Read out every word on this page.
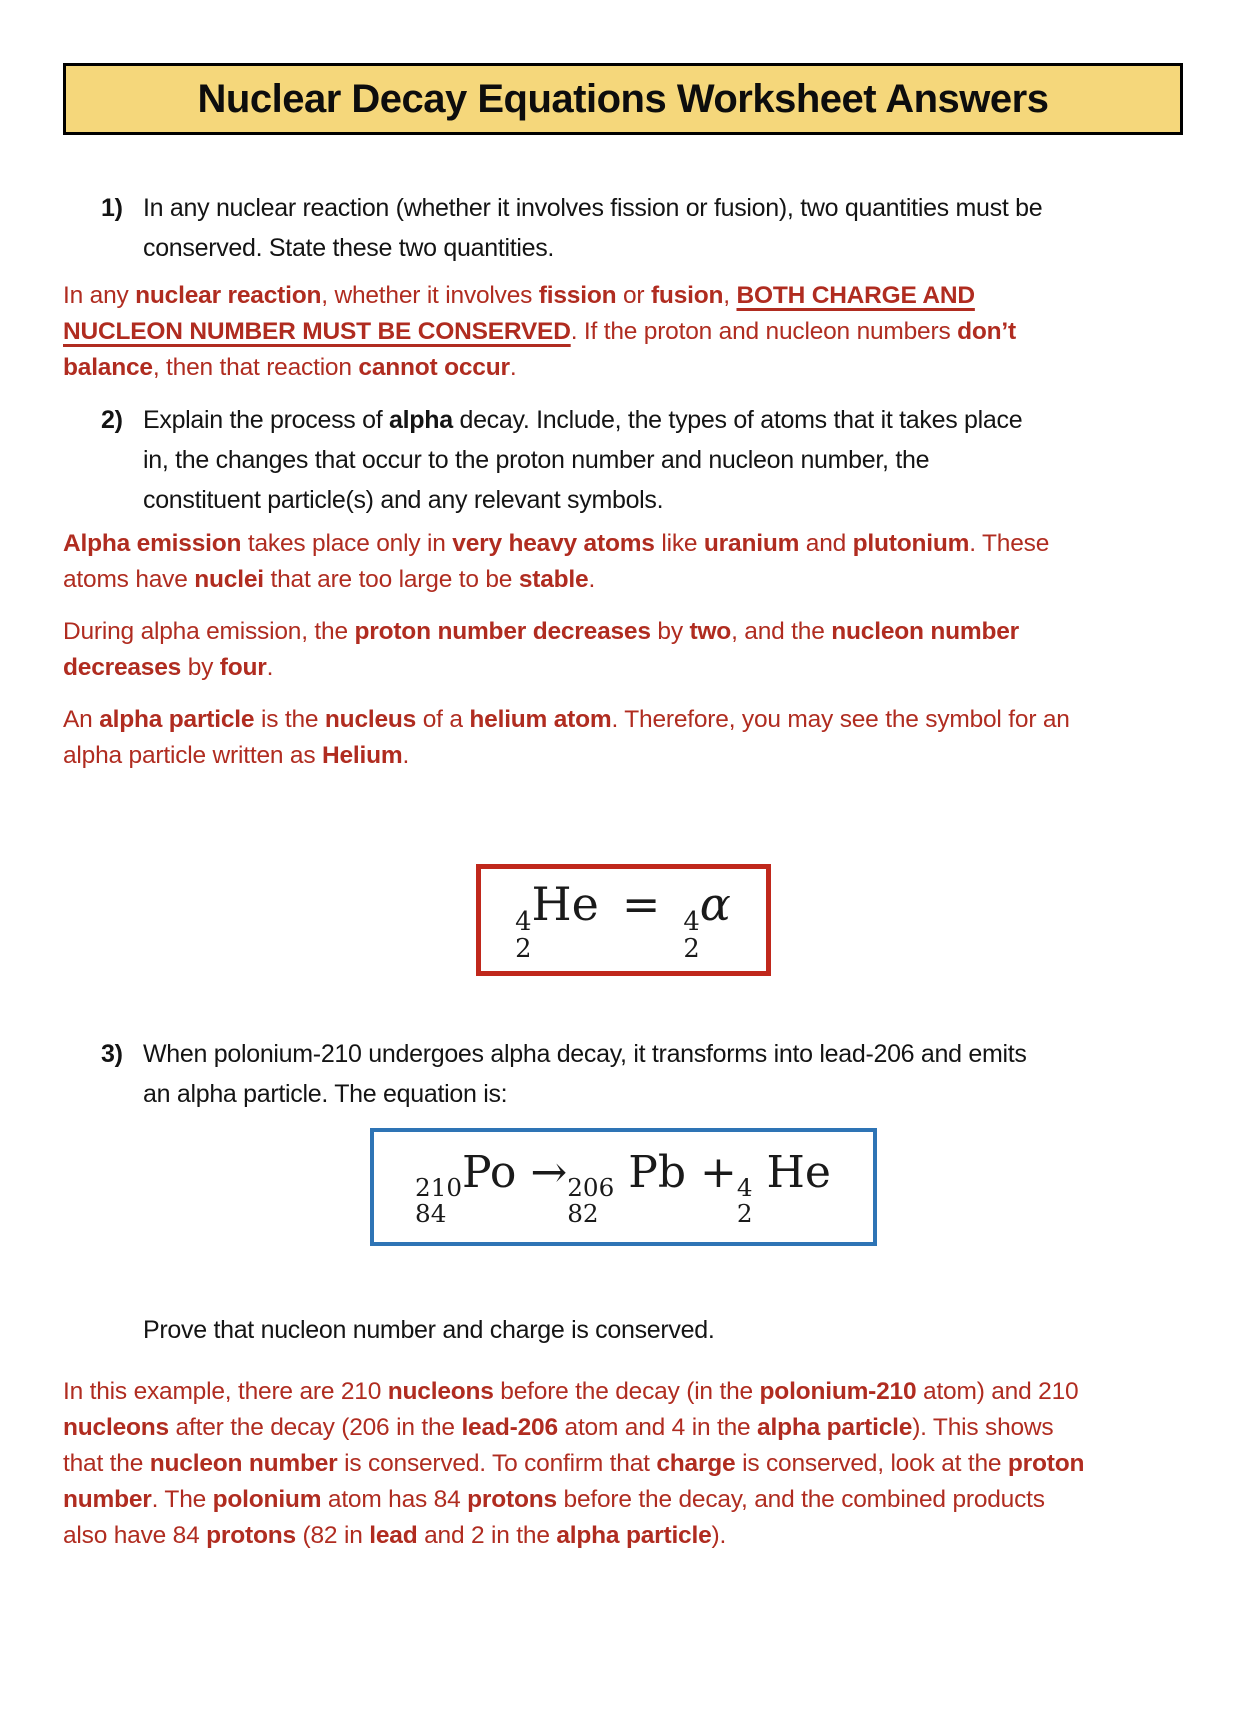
Nuclear Decay Equations Worksheet Answers
1) In any nuclear reaction (whether it involves fission or fusion), two quantities must be conserved. State these two quantities.

In any nuclear reaction, whether it involves fission or fusion, BOTH CHARGE AND NUCLEON NUMBER MUST BE CONSERVED. If the proton and nucleon numbers don’t balance, then that reaction cannot occur.

2) Explain the process of alpha decay. Include, the types of atoms that it takes place in, the changes that occur to the proton number and nucleon number, the constituent particle(s) and any relevant symbols.

Alpha emission takes place only in very heavy atoms like uranium and plutonium. These atoms have nuclei that are too large to be stable.

During alpha emission, the proton number decreases by two, and the nucleon number decreases by four.

An alpha particle is the nucleus of a helium atom. Therefore, you may see the symbol for an alpha particle written as Helium.

4
2
He =  4
2
α
3) When polonium-210 undergoes alpha decay, it transforms into lead-206 and emits an alpha particle. The equation is:
210
84
Po → 206
82
Pb + 4
2
He

Prove that nucleon number and charge is conserved.

In this example, there are 210 nucleons before the decay (in the polonium-210 atom) and 210 nucleons after the decay (206 in the lead-206 atom and 4 in the alpha particle). This shows that the nucleon number is conserved. To confirm that charge is conserved, look at the proton number. The polonium atom has 84 protons before the decay, and the combined products also have 84 protons (82 in lead and 2 in the alpha particle).
